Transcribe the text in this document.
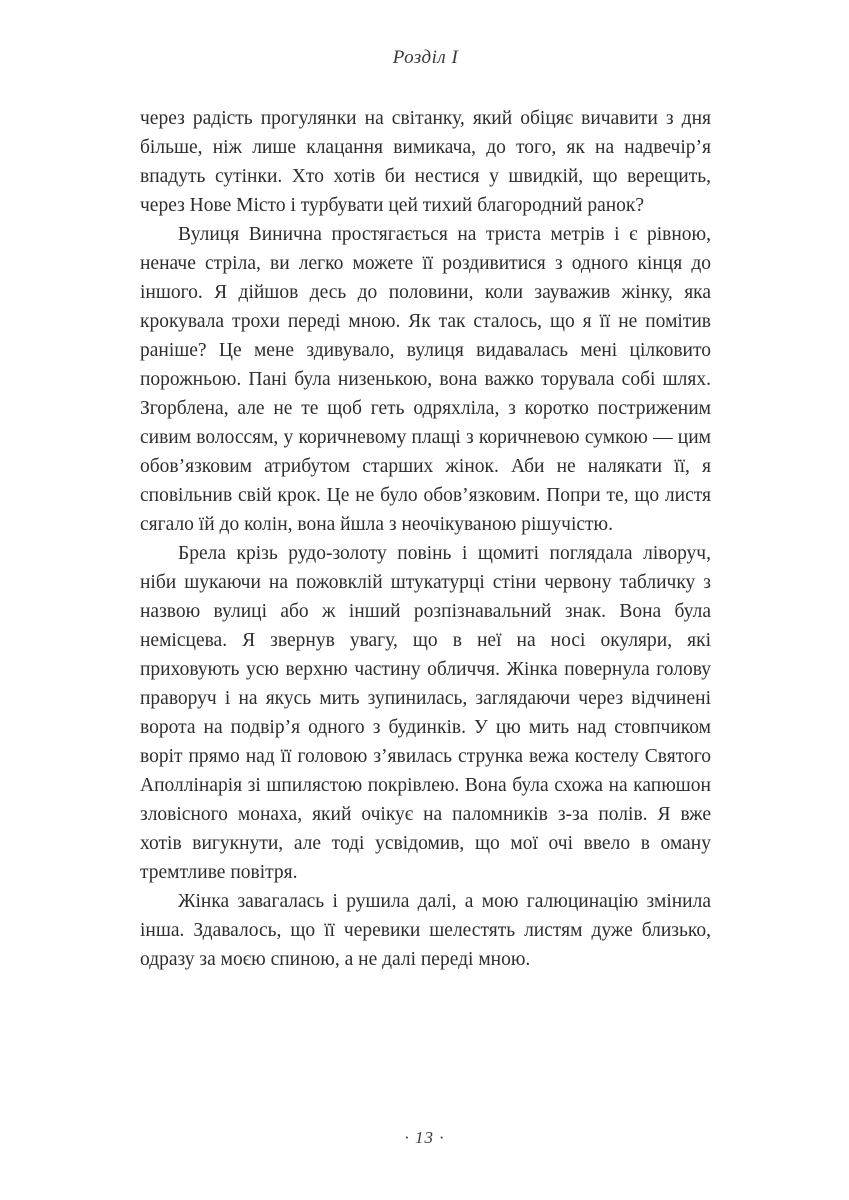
Розділ I

через радість прогулянки на світанку, який обіцяє вичавити з дня більше, ніж лише клацання вимикача, до того, як на надвечір’я впадуть сутінки. Хто хотів би нестися у швидкій, що верещить, через Нове Місто і турбувати цей тихий благородний ранок?

Вулиця Винична простягається на триста метрів і є рівною, неначе стріла, ви легко можете її роздивитися з одного кінця до іншого. Я дійшов десь до половини, коли зауважив жінку, яка крокувала трохи переді мною. Як так сталось, що я її не помітив раніше? Це мене здивувало, вулиця видавалась мені цілковито порожньою. Пані була низенькою, вона важко торувала собі шлях. Згорблена, але не те щоб геть одряхліла, з коротко постриженим сивим волоссям, у коричневому плащі з коричневою сумкою — цим обов’язковим атрибутом старших жінок. Аби не налякати її, я сповільнив свій крок. Це не було обов’язковим. Попри те, що листя сягало їй до колін, вона йшла з неочікуваною рішучістю.

Брела крізь рудо-золоту повінь і щомиті поглядала ліворуч, ніби шукаючи на пожовклій штукатурці стіни червону табличку з назвою вулиці або ж інший розпізнавальний знак. Вона була немісцева. Я звернув увагу, що в неї на носі окуляри, які приховують усю верхню частину обличчя. Жінка повернула голову праворуч і на якусь мить зупинилась, заглядаючи через відчинені ворота на подвір’я одного з будинків. У цю мить над стовпчиком воріт прямо над її головою з’явилась струнка вежа костелу Святого Аполлінарія зі шпилястою покрівлею. Вона була схожа на капюшон зловісного монаха, який очікує на паломників з-за полів. Я вже хотів вигукнути, але тоді усвідомив, що мої очі ввело в оману тремтливе повітря.

Жінка завагалась і рушила далі, а мою галюцинацію змінила інша. Здавалось, що її черевики шелестять листям дуже близько, одразу за моєю спиною, а не далі переді мною.

· 13 ·
